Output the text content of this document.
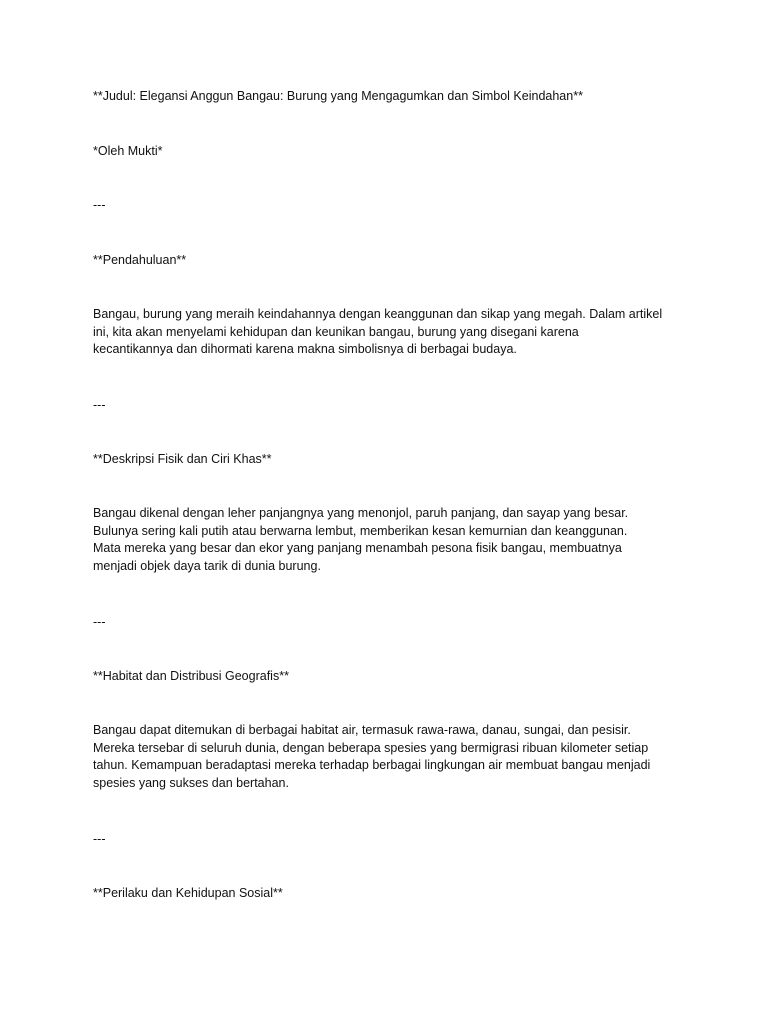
**Judul: Elegansi Anggun Bangau: Burung yang Mengagumkan dan Simbol Keindahan**

*Oleh Mukti*

---

**Pendahuluan**

Bangau, burung yang meraih keindahannya dengan keanggunan dan sikap yang megah. Dalam artikel
ini, kita akan menyelami kehidupan dan keunikan bangau, burung yang disegani karena
kecantikannya dan dihormati karena makna simbolisnya di berbagai budaya.

---

**Deskripsi Fisik dan Ciri Khas**

Bangau dikenal dengan leher panjangnya yang menonjol, paruh panjang, dan sayap yang besar.
Bulunya sering kali putih atau berwarna lembut, memberikan kesan kemurnian dan keanggunan.
Mata mereka yang besar dan ekor yang panjang menambah pesona fisik bangau, membuatnya
menjadi objek daya tarik di dunia burung.

---

**Habitat dan Distribusi Geografis**

Bangau dapat ditemukan di berbagai habitat air, termasuk rawa-rawa, danau, sungai, dan pesisir.
Mereka tersebar di seluruh dunia, dengan beberapa spesies yang bermigrasi ribuan kilometer setiap
tahun. Kemampuan beradaptasi mereka terhadap berbagai lingkungan air membuat bangau menjadi
spesies yang sukses dan bertahan.

---

**Perilaku dan Kehidupan Sosial**
